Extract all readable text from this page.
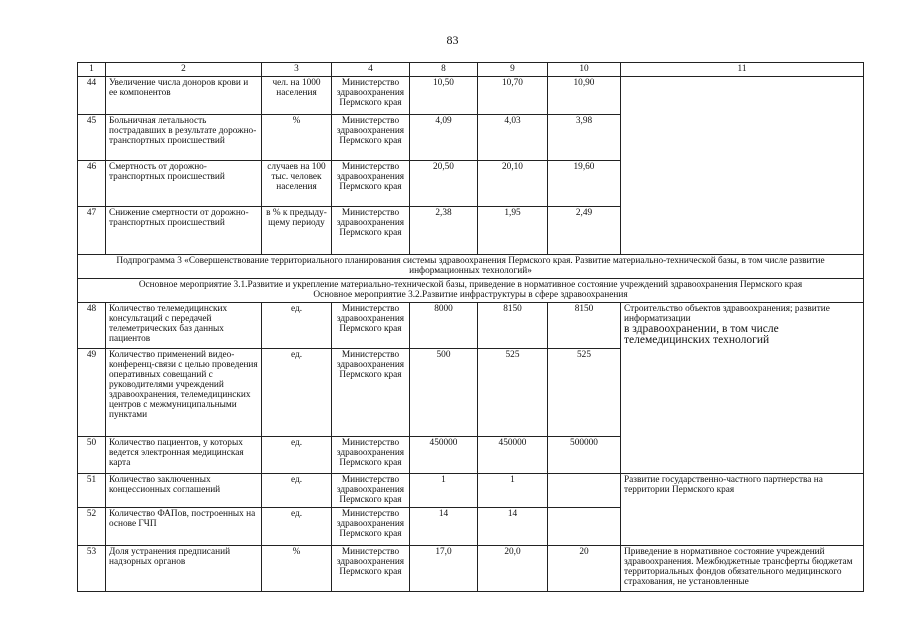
83
1	2	3	4	8	9	10	11
44	Увеличение числа доноров крови и ее компонентов	чел. на 1000 населения	Министерство здравоохранения Пермского края	10,50	10,70	10,90	
45	Больничная летальность пострадавших в результате дорожно-транспортных происшествий	%	Министерство здравоохранения Пермского края	4,09	4,03	3,98	
46	Смертность от дорожно-транспортных происшествий	случаев на 100 тыс. человек населения	Министерство здравоохранения Пермского края	20,50	20,10	19,60	
47	Снижение смертности от дорожно-транспортных происшествий	в % к предыду-щему периоду	Министерство здравоохранения Пермского края	2,38	1,95	2,49	
Подпрограмма 3 «Совершенствование территориального планирования системы здравоохранения Пермского края. Развитие материально-технической базы, в том числе развитие информационных технологий»							

Основное мероприятие 3.1.Развитие и укрепление материально-технической базы, приведение в нормативное состояние учреждений здравоохранения Пермского края
Основное мероприятие 3.2.Развитие инфраструктуры в сфере здравоохранения							

48	Количество телемедицинских консультаций с передачей телеметрических баз данных пациентов	ед.	Министерство здравоохранения Пермского края	8000	8150	8150	Строительство объектов здравоохранения; развитие информатизации
в здравоохранении, в том числе телемедицинских технологий

49	Количество применений видео-конференц-связи с целью проведения оперативных совещаний с руководителями учреждений здравоохранения, телемедицинских центров с межмуниципальными пунктами	ед.	Министерство здравоохранения Пермского края	500	525	525	
50	Количество пациентов, у которых ведется электронная медицинская карта	ед.	Министерство здравоохранения Пермского края	450000	450000	500000	
51	Количество заключенных концессионных соглашений	ед.	Министерство здравоохранения Пермского края	1	1		Развитие государственно-частного партнерства на территории Пермского края
52	Количество ФАПов, построенных на основе ГЧП	ед.	Министерство здравоохранения Пермского края	14	14		
53	Доля устранения предписаний надзорных органов	%	Министерство здравоохранения Пермского края	17,0	20,0	20	Приведение в нормативное состояние учреждений здравоохранения. Межбюджетные трансферты бюджетам территориальных фондов обязательного медицинского страхования, не установленные
